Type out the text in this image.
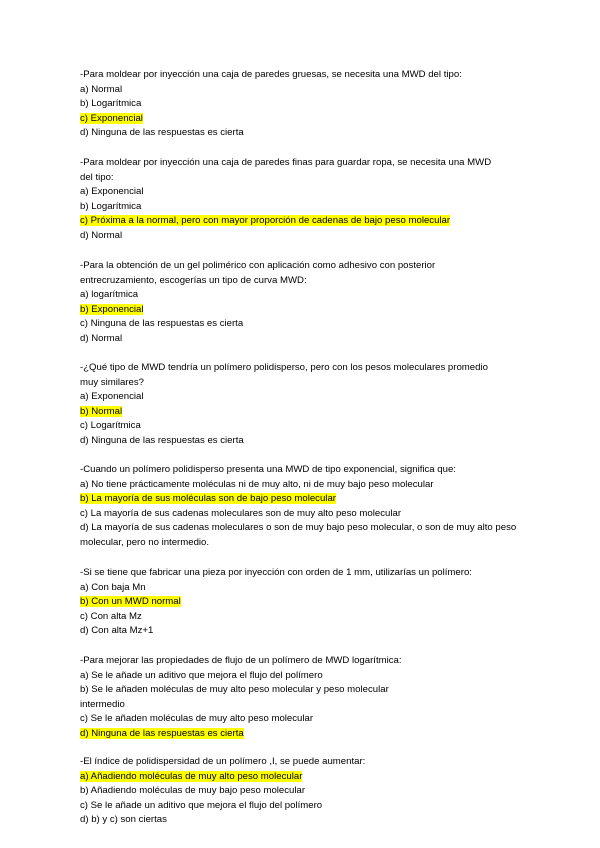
-Para moldear por inyección una caja de paredes gruesas, se necesita una MWD del tipo:
a) Normal
b) Logarítmica
c) Exponencial
d) Ninguna de las respuestas es cierta
-Para moldear por inyección una caja de paredes finas para guardar ropa, se necesita una MWD
del tipo:
a) Exponencial
b) Logarítmica
c) Próxima a la normal, pero con mayor proporción de cadenas de bajo peso molecular
d) Normal
-Para la obtención de un gel polimérico con aplicación como adhesivo con posterior
entrecruzamiento, escogerías un tipo de curva MWD:
a) logarítmica
b) Exponencial
c) Ninguna de las respuestas es cierta
d) Normal
-¿Qué tipo de MWD tendría un polímero polidisperso, pero con los pesos moleculares promedio
muy similares?
a) Exponencial
b) Normal
c) Logarítmica
d) Ninguna de las respuestas es cierta
-Cuando un polímero polidisperso presenta una MWD de tipo exponencial, significa que:
a) No tiene prácticamente moléculas ni de muy alto, ni de muy bajo peso molecular
b) La mayoría de sus moléculas son de bajo peso molecular
c) La mayoría de sus cadenas moleculares son de muy alto peso molecular
d) La mayoría de sus cadenas moleculares o son de muy bajo peso molecular, o son de muy alto peso molecular, pero no intermedio.
-Si se tiene que fabricar una pieza por inyección con orden de 1 mm, utilizarías un polímero:
a) Con baja Mn
b) Con un MWD normal
c) Con alta Mz
d) Con alta Mz+1
-Para mejorar las propiedades de flujo de un polímero de MWD logarítmica:
a) Se le añade un aditivo que mejora el flujo del polímero
b) Se le añaden moléculas de muy alto peso molecular y peso molecular
intermedio
c) Se le añaden moléculas de muy alto peso molecular
d) Ninguna de las respuestas es cierta
-El índice de polidispersidad de un polímero ,I, se puede aumentar:
a) Añadiendo moléculas de muy alto peso molecular
b) Añadiendo moléculas de muy bajo peso molecular
c) Se le añade un aditivo que mejora el flujo del polímero
d) b) y c) son ciertas
